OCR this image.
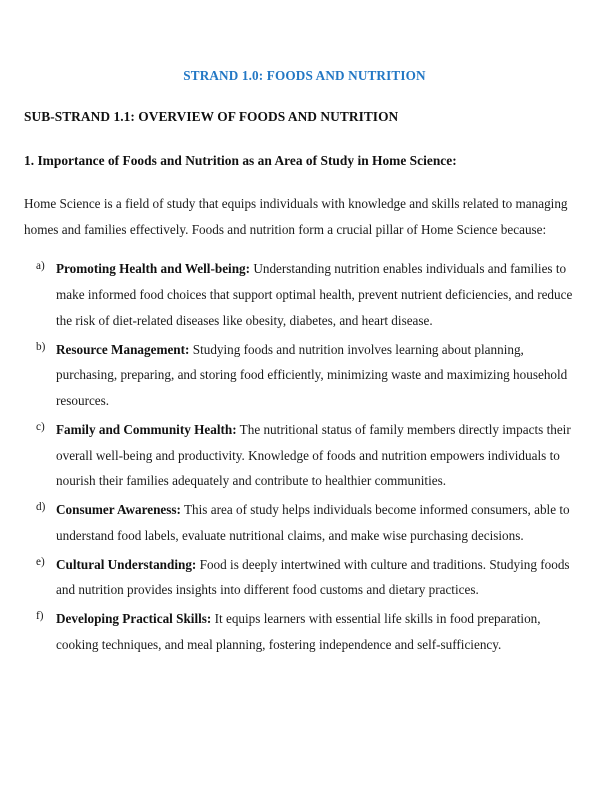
STRAND 1.0: FOODS AND NUTRITION
SUB-STRAND 1.1: OVERVIEW OF FOODS AND NUTRITION
1. Importance of Foods and Nutrition as an Area of Study in Home Science:

Home Science is a field of study that equips individuals with knowledge and skills related to managing homes and families effectively. Foods and nutrition form a crucial pillar of Home Science because:

a) Promoting Health and Well-being: Understanding nutrition enables individuals and families to make informed food choices that support optimal health, prevent nutrient deficiencies, and reduce the risk of diet-related diseases like obesity, diabetes, and heart disease.
b) Resource Management: Studying foods and nutrition involves learning about planning, purchasing, preparing, and storing food efficiently, minimizing waste and maximizing household resources.
c) Family and Community Health: The nutritional status of family members directly impacts their overall well-being and productivity. Knowledge of foods and nutrition empowers individuals to nourish their families adequately and contribute to healthier communities.
d) Consumer Awareness: This area of study helps individuals become informed consumers, able to understand food labels, evaluate nutritional claims, and make wise purchasing decisions.
e) Cultural Understanding: Food is deeply intertwined with culture and traditions. Studying foods and nutrition provides insights into different food customs and dietary practices.
f) Developing Practical Skills: It equips learners with essential life skills in food preparation, cooking techniques, and meal planning, fostering independence and self-sufficiency.
